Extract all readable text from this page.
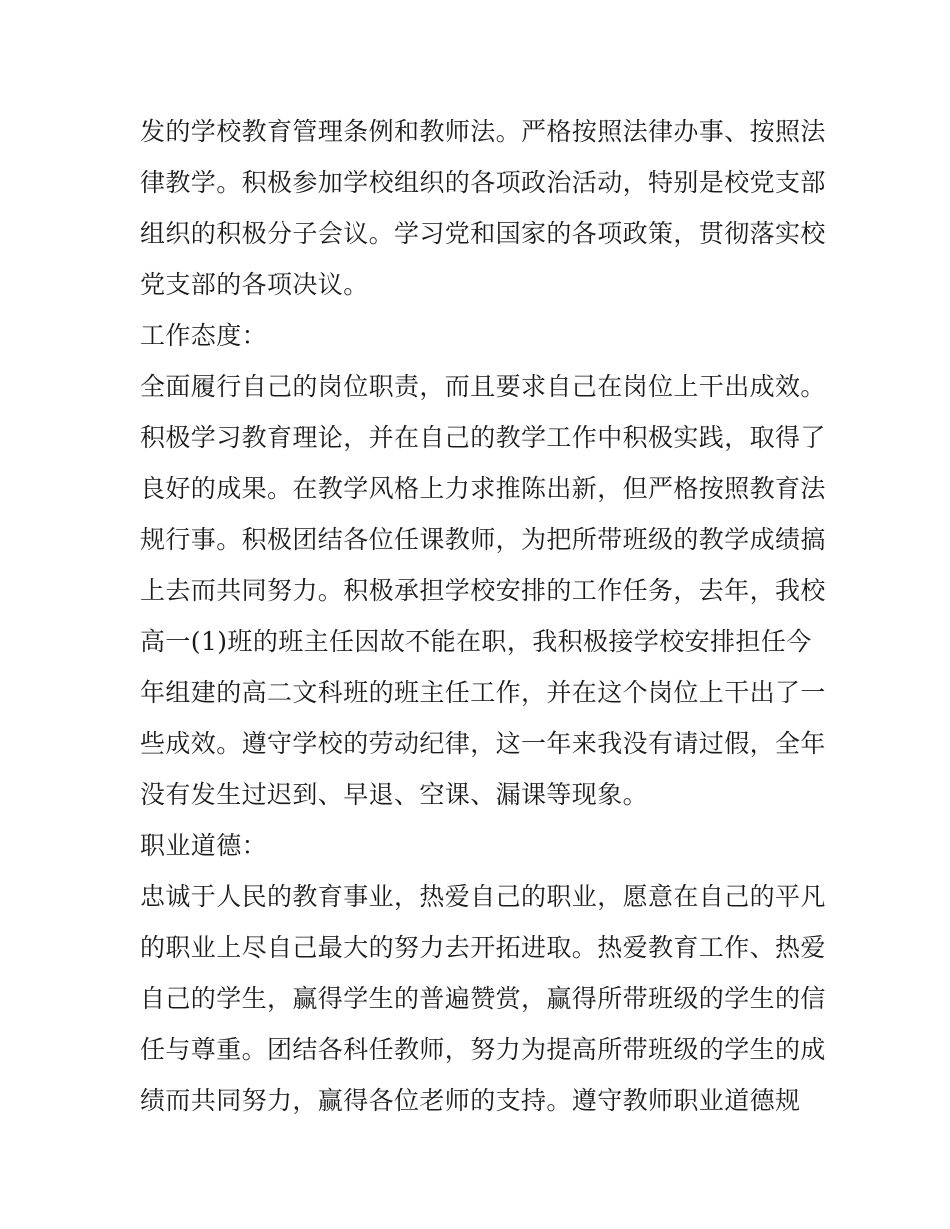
发的学校教育管理条例和教师法。严格按照法律办事、按照法
律教学。积极参加学校组织的各项政治活动，特别是校党支部
组织的积极分子会议。学习党和国家的各项政策，贯彻落实校
党支部的各项决议。
工作态度：
全面履行自己的岗位职责，而且要求自己在岗位上干出成效。
积极学习教育理论，并在自己的教学工作中积极实践，取得了
良好的成果。在教学风格上力求推陈出新，但严格按照教育法
规行事。积极团结各位任课教师，为把所带班级的教学成绩搞
上去而共同努力。积极承担学校安排的工作任务，去年，我校
高一(1)班的班主任因故不能在职，我积极接学校安排担任今
年组建的高二文科班的班主任工作，并在这个岗位上干出了一
些成效。遵守学校的劳动纪律，这一年来我没有请过假，全年
没有发生过迟到、早退、空课、漏课等现象。
职业道德：
忠诚于人民的教育事业，热爱自己的职业，愿意在自己的平凡
的职业上尽自己最大的努力去开拓进取。热爱教育工作、热爱
自己的学生，赢得学生的普遍赞赏，赢得所带班级的学生的信
任与尊重。团结各科任教师，努力为提高所带班级的学生的成
绩而共同努力，赢得各位老师的支持。遵守教师职业道德规
